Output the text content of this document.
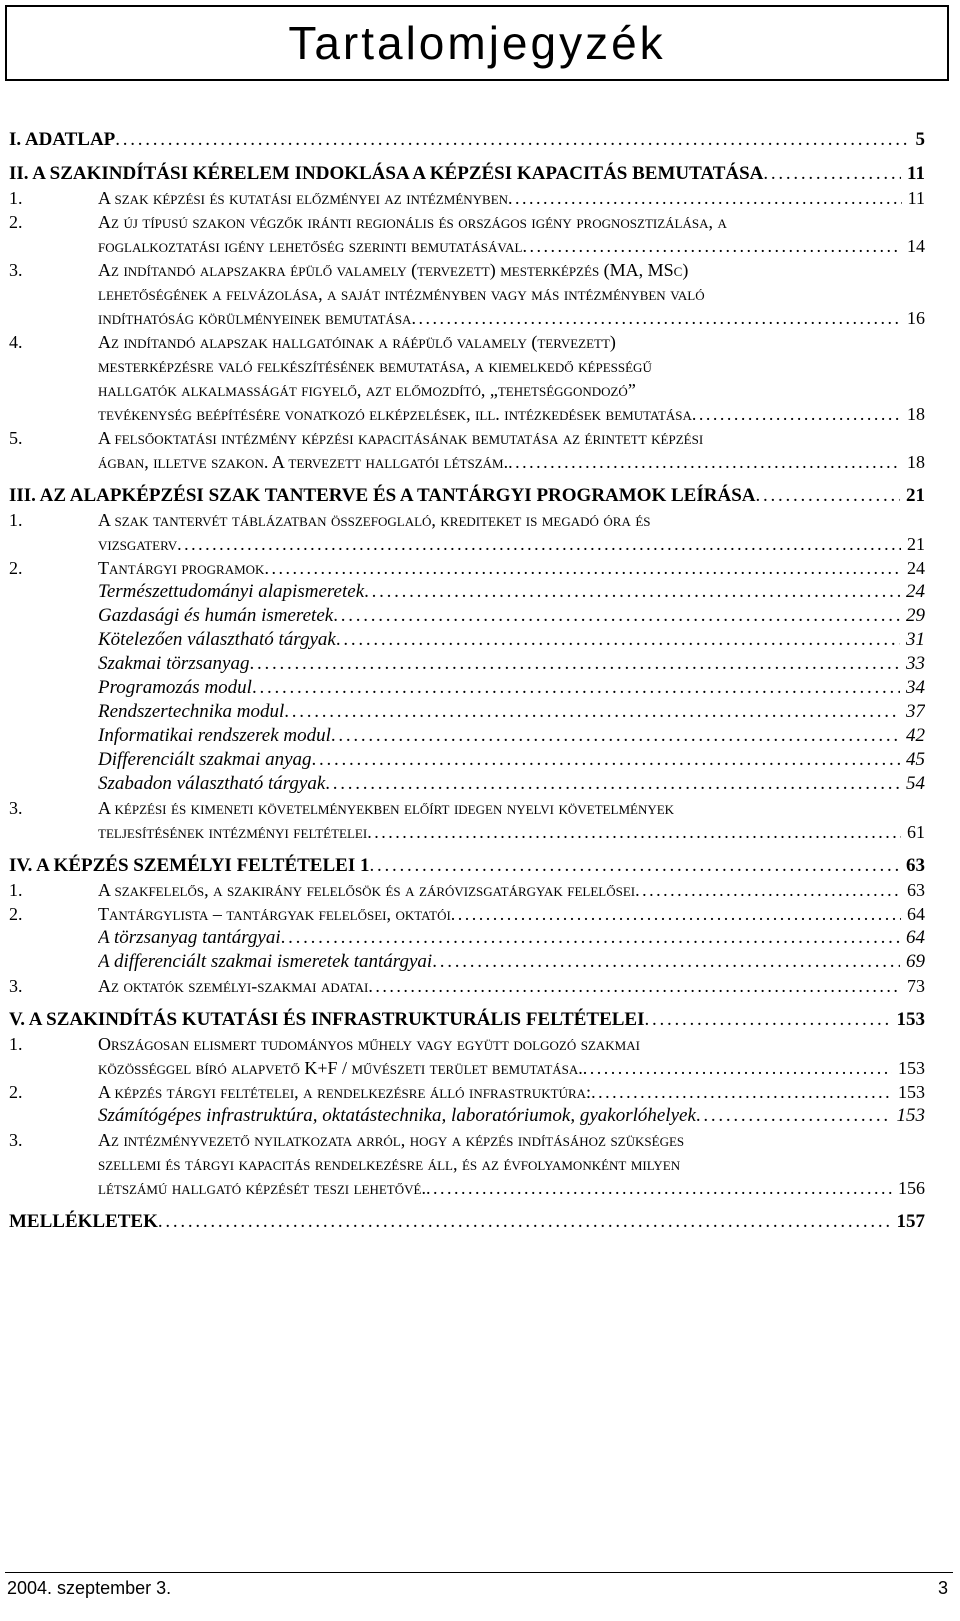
Tartalomjegyzék
I. ADATLAP . . .	5
II. A SZAKINDÍTÁSI KÉRELEM INDOKLÁSA A KÉPZÉSI KAPACITÁS BEMUTATÁSA . . .	11
1.	A szak képzési és kutatási előzményei az intézményben . . .	11
2.	Az új típusú szakon végzők iránti regionális és országos igény prognosztizálása, a
foglalkoztatási igény lehetőség szerinti bemutatásával . . .	14
3.	Az indítandó alapszakra épülő valamely (tervezett) mesterképzés (MA, MSc)
lehetőségének a felvázolása, a saját intézményben vagy más intézményben való
indíthatóság körülményeinek bemutatása . . .	16
4.	Az indítandó alapszak hallgatóinak a ráépülő valamely (tervezett)
mesterképzésre való felkészítésének bemutatása, a kiemelkedő képességű
hallgatók alkalmasságát figyelő, azt előmozdító, „tehetséggondozó”
tevékenység beépítésére vonatkozó elképzelések, ill. intézkedések bemutatása . . .	18
5.	A felsőoktatási intézmény képzési kapacitásának bemutatása az érintett képzési
ágban, illetve szakon. A tervezett hallgatói létszám. . . .	18
III. AZ ALAPKÉPZÉSI SZAK TANTERVE ÉS A TANTÁRGYI PROGRAMOK LEÍRÁSA . . .	21
1.	A szak tantervét táblázatban összefoglaló, krediteket is megadó óra és
vizsgaterv . . .	21
2.	Tantárgyi programok . . .	24
Természettudományi alapismeretek . . .	24
Gazdasági és humán ismeretek . . .	29
Kötelezően választható tárgyak . . .	31
Szakmai törzsanyag . . .	33
Programozás modul . . .	34
Rendszertechnika modul . . .	37
Informatikai rendszerek modul . . .	42
Differenciált szakmai anyag . . .	45
Szabadon választható tárgyak . . .	54
3.	A képzési és kimeneti követelményekben előírt idegen nyelvi követelmények
teljesítésének intézményi feltételei . . .	61
IV. A KÉPZÉS SZEMÉLYI FELTÉTELEI 1 . . .	63
1.	A szakfelelős, a szakirány felelősök és a záróvizsgatárgyak felelősei . . .	63
2.	Tantárgylista – tantárgyak felelősei, oktatói . . .	64
A törzsanyag tantárgyai . . .	64
A differenciált szakmai ismeretek tantárgyai . . .	69
3.	Az oktatók személyi-szakmai adatai . . .	73
V. A SZAKINDÍTÁS KUTATÁSI ÉS INFRASTRUKTURÁLIS FELTÉTELEI . . .	153
1.	Országosan elismert tudományos műhely vagy együtt dolgozó szakmai
közösséggel bíró alapvető K+F / művészeti terület bemutatása. . . .	153
2.	A képzés tárgyi feltételei, a rendelkezésre álló infrastruktúra: . . .	153
Számítógépes infrastruktúra, oktatástechnika, laboratóriumok, gyakorlóhelyek . . .	153
3.	Az intézményvezető nyilatkozata arról, hogy a képzés indításához szükséges
szellemi és tárgyi kapacitás rendelkezésre áll, és az évfolyamonként milyen
létszámú hallgató képzését teszi lehetővé. . . .	156
MELLÉKLETEK . . .	157
2004. szeptember 3.	3
